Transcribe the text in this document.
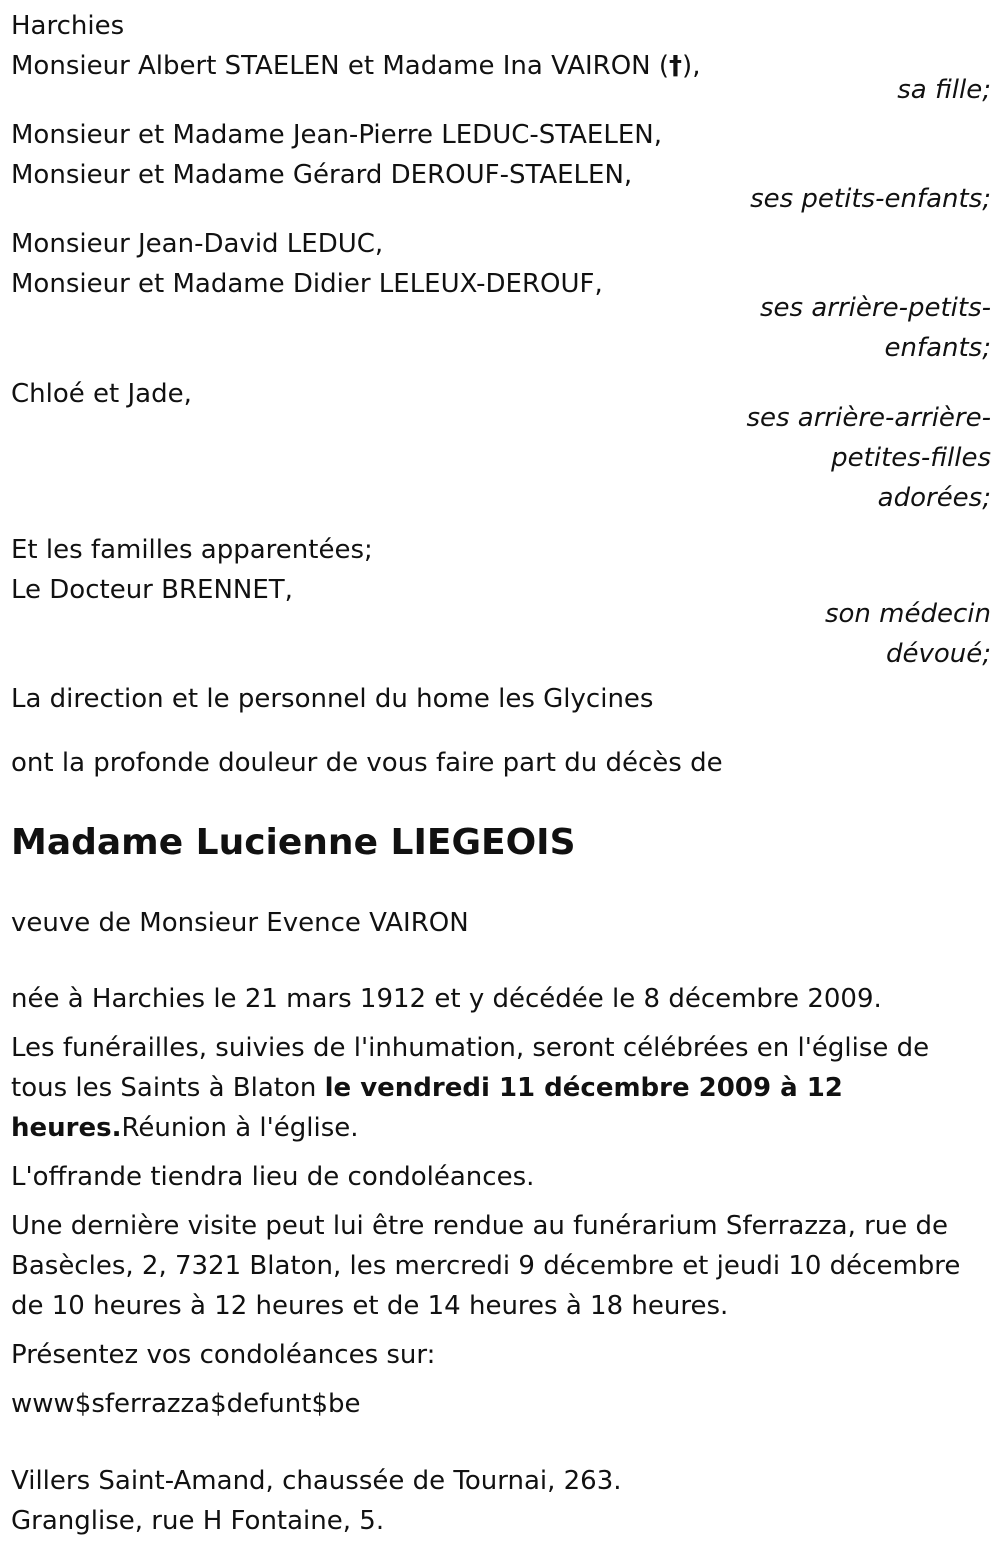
Harchies
Monsieur Albert STAELEN et Madame Ina VAIRON (†),
sa fille;
Monsieur et Madame Jean-Pierre LEDUC-STAELEN,
Monsieur et Madame Gérard DEROUF-STAELEN,
ses petits-enfants;
Monsieur Jean-David LEDUC,
Monsieur et Madame Didier LELEUX-DEROUF,
ses arrière-petits-
enfants;
Chloé et Jade,
ses arrière-arrière-
petites-filles
adorées;
Et les familles apparentées;
Le Docteur BRENNET,
son médecin
dévoué;
La direction et le personnel du home les Glycines
ont la profonde douleur de vous faire part du décès de
Madame Lucienne LIEGEOIS
veuve de Monsieur Evence VAIRON
née à Harchies le 21 mars 1912 et y décédée le 8 décembre 2009.
Les funérailles, suivies de l'inhumation, seront célébrées en l'église de tous les Saints à Blaton le vendredi 11 décembre 2009 à 12 heures.Réunion à l'église.
L'offrande tiendra lieu de condoléances.
Une dernière visite peut lui être rendue au funérarium Sferrazza, rue de Basècles, 2, 7321 Blaton, les mercredi 9 décembre et jeudi 10 décembre de 10 heures à 12 heures et de 14 heures à 18 heures.
Présentez vos condoléances sur:
www$sferrazza$defunt$be
Villers Saint-Amand, chaussée de Tournai, 263.
Granglise, rue H Fontaine, 5.
